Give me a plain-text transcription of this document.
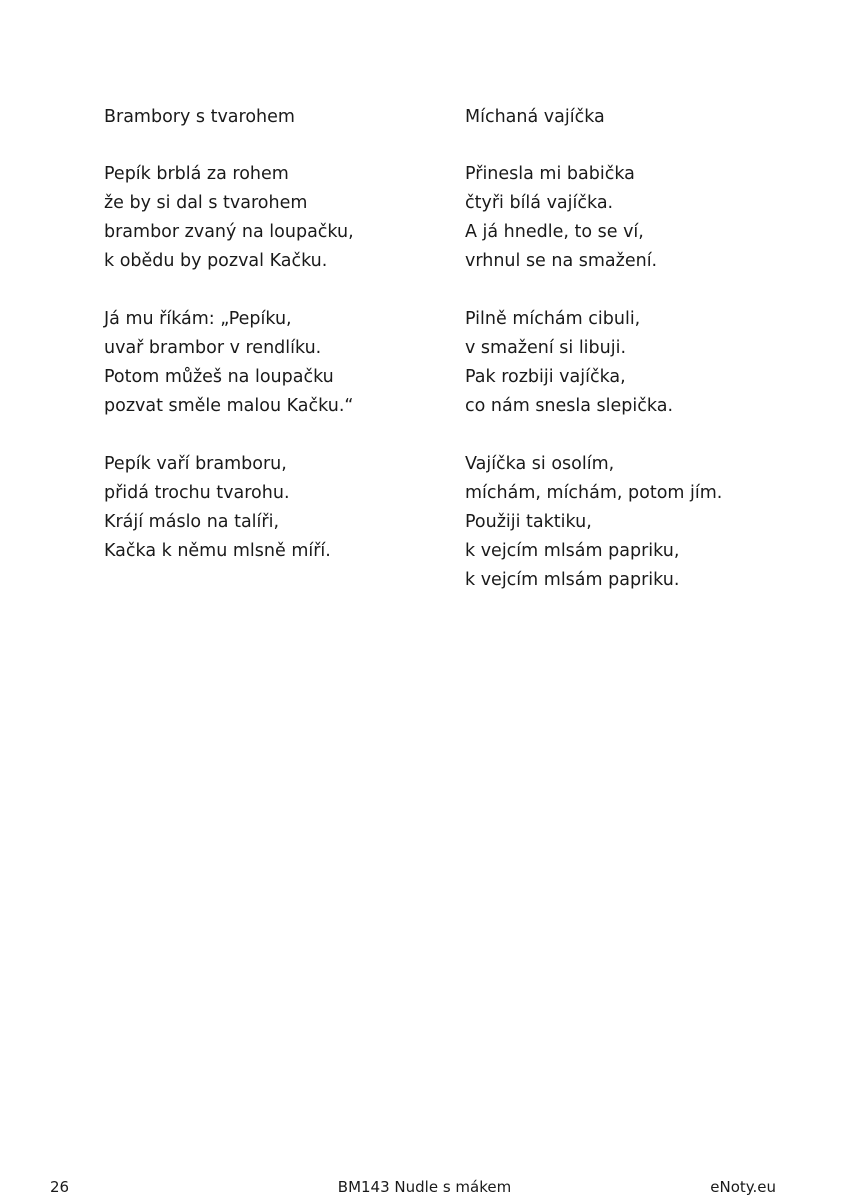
Brambory s tvarohem
Pepík brblá za rohem
že by si dal s tvarohem
brambor zvaný na loupačku,
k obědu by pozval Kačku.
Já mu říkám: „Pepíku,
uvař brambor v rendlíku.
Potom můžeš na loupačku
pozvat směle malou Kačku.“
Pepík vaří bramboru,
přidá trochu tvarohu.
Krájí máslo na talíři,
Kačka k němu mlsně míří.
Míchaná vajíčka
Přinesla mi babička
čtyři bílá vajíčka.
A já hnedle, to se ví,
vrhnul se na smažení.
Pilně míchám cibuli,
v smažení si libuji.
Pak rozbiji vajíčka,
co nám snesla slepička.
Vajíčka si osolím,
míchám, míchám, potom jím.
Použiji taktiku,
k vejcím mlsám papriku,
k vejcím mlsám papriku.
26	BM143 Nudle s mákem	eNoty.eu
